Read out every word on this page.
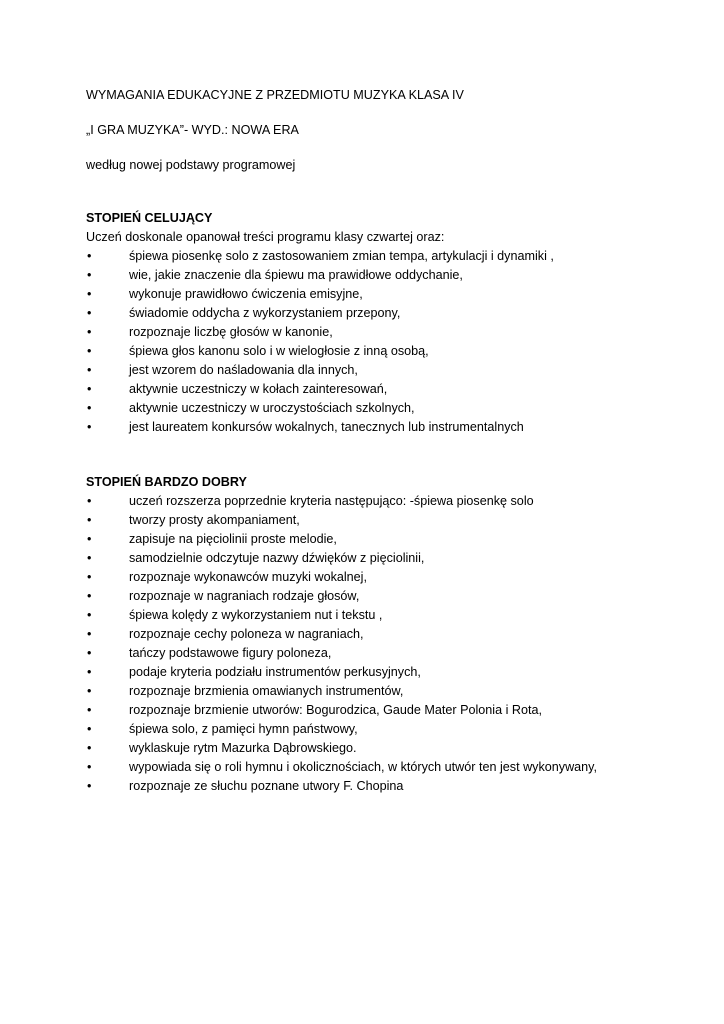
WYMAGANIA EDUKACYJNE Z PRZEDMIOTU MUZYKA KLASA IV
„I GRA MUZYKA”- WYD.: NOWA ERA
według nowej podstawy programowej
STOPIEŃ CELUJĄCY
Uczeń doskonale opanował treści programu klasy czwartej oraz:
•	śpiewa piosenkę solo z zastosowaniem zmian tempa, artykulacji i dynamiki ,
•	wie, jakie znaczenie dla śpiewu ma prawidłowe oddychanie,
•	wykonuje prawidłowo ćwiczenia emisyjne,
•	świadomie oddycha z wykorzystaniem przepony,
•	rozpoznaje liczbę głosów w kanonie,
•	śpiewa głos kanonu solo i w wielogłosie z inną osobą,
•	jest wzorem do naśladowania dla innych,
•	aktywnie uczestniczy w kołach zainteresowań,
•	aktywnie uczestniczy w uroczystościach szkolnych,
•	jest laureatem konkursów wokalnych, tanecznych lub instrumentalnych
STOPIEŃ BARDZO DOBRY
•	uczeń rozszerza poprzednie kryteria następująco: -śpiewa piosenkę solo
•	tworzy prosty akompaniament,
•	zapisuje na pięciolinii proste melodie,
•	samodzielnie odczytuje nazwy dźwięków z pięciolinii,
•	rozpoznaje wykonawców muzyki wokalnej,
•	rozpoznaje w nagraniach rodzaje głosów,
•	śpiewa kolędy z wykorzystaniem nut i tekstu ,
•	rozpoznaje cechy poloneza w nagraniach,
•	tańczy podstawowe figury poloneza,
•	podaje kryteria podziału instrumentów perkusyjnych,
•	rozpoznaje brzmienia omawianych instrumentów,
•	rozpoznaje brzmienie utworów: Bogurodzica, Gaude Mater Polonia i Rota,
•	śpiewa solo, z pamięci hymn państwowy,
•	wyklaskuje rytm Mazurka Dąbrowskiego.
•	wypowiada się o roli hymnu i okolicznościach, w których utwór ten jest wykonywany,
•	rozpoznaje ze słuchu poznane utwory F. Chopina
